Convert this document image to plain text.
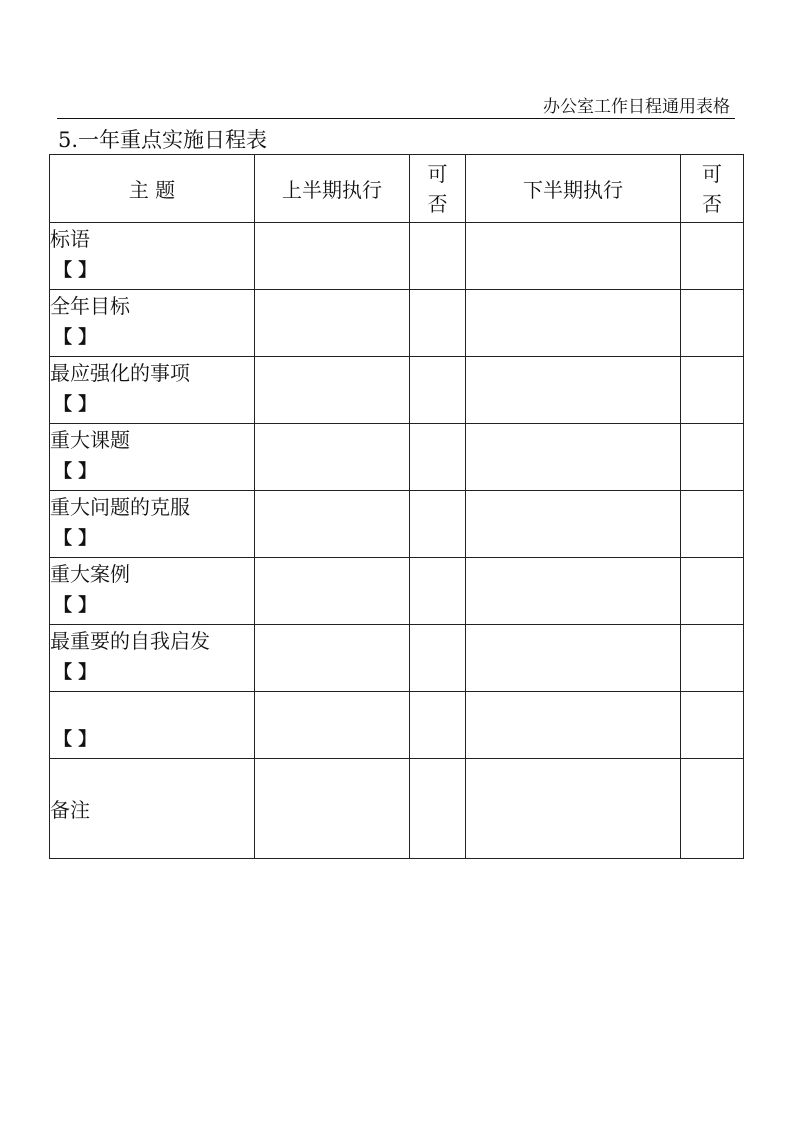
办公室工作日程通用表格
5.一年重点实施日程表
主 题	上半期执行	可否	下半期执行	可否

标语
【 】				

全年目标
【 】				

最应强化的事项
【 】				

重大课题
【 】				

重大问题的克服
【 】				

重大案例
【 】				

最重要的自我启发
【 】				

【 】				

备注				
